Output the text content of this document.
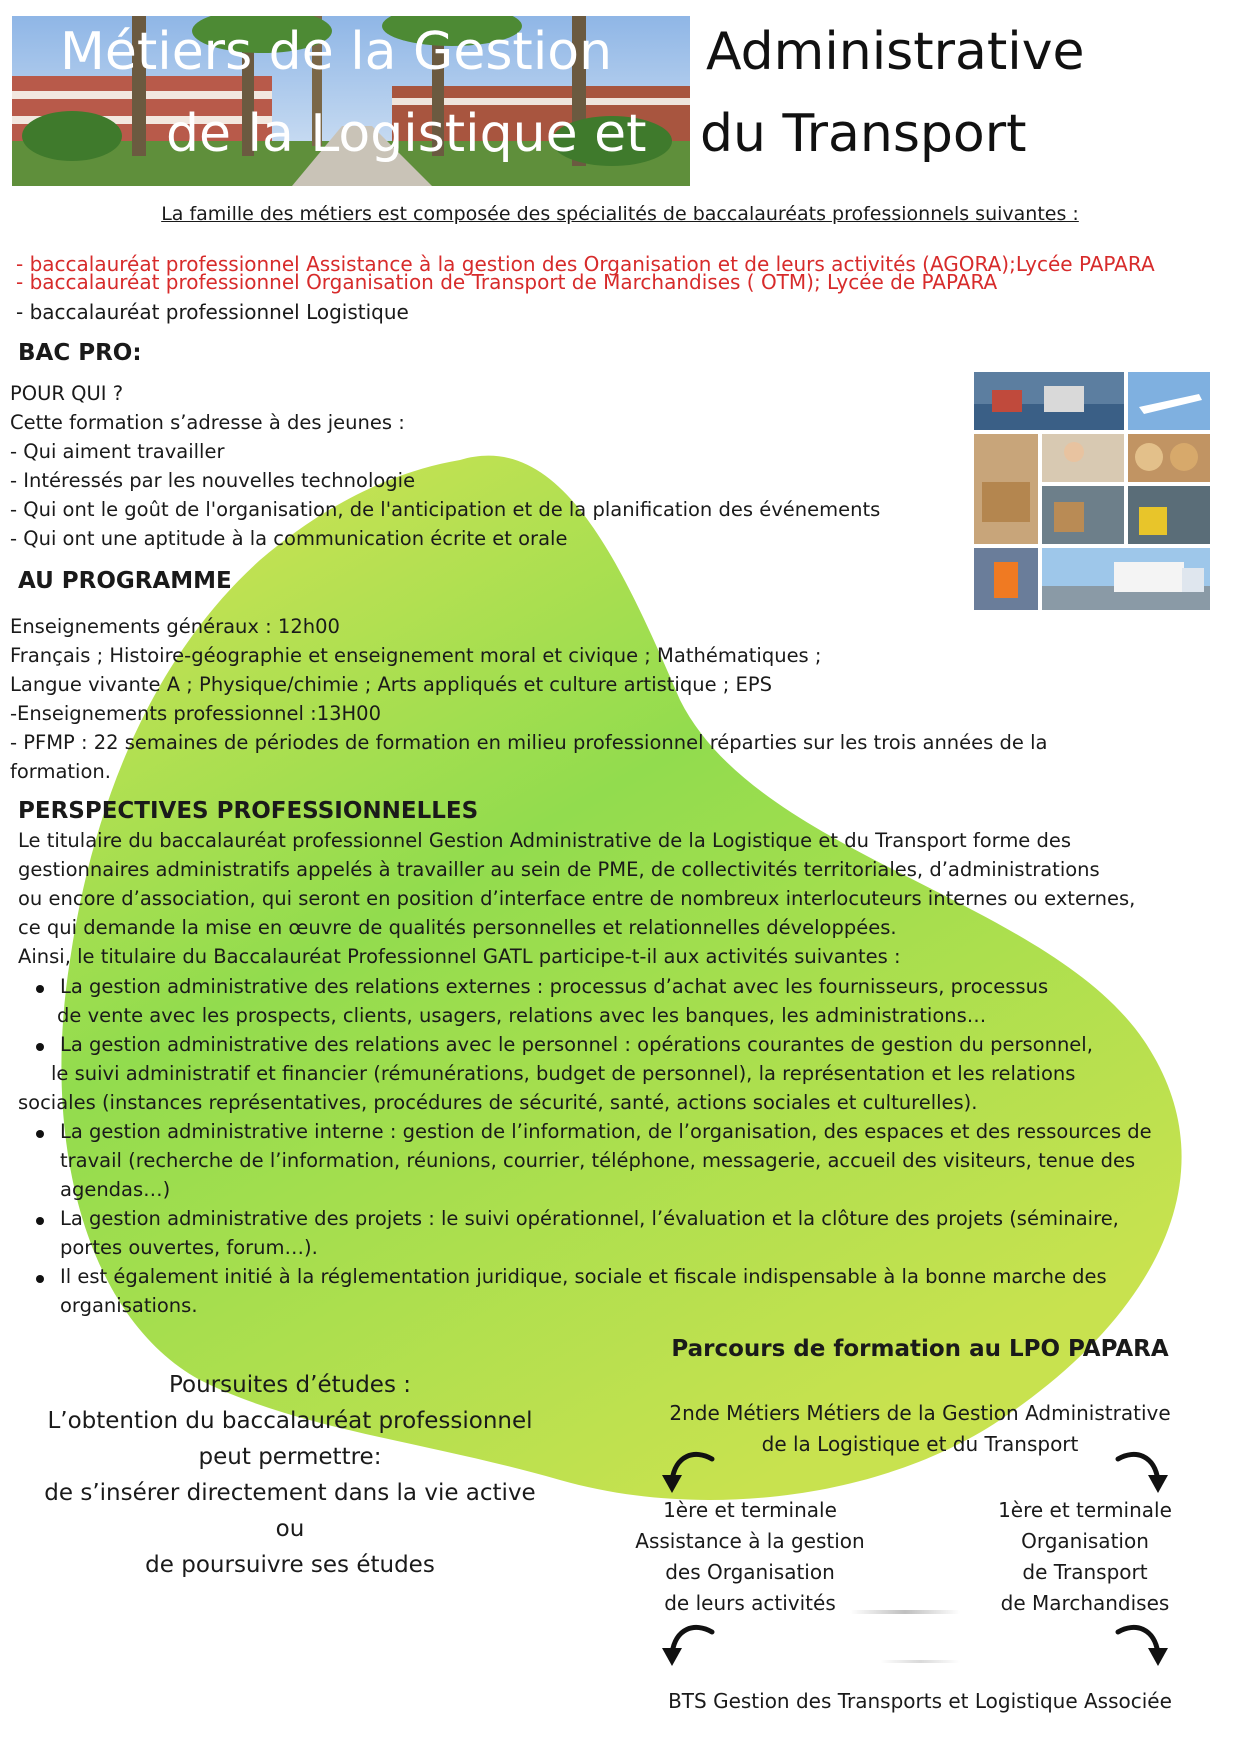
Métiers de la Gestion Administrative
de la Logistique et du Transport
La famille des métiers est composée des spécialités de baccalauréats professionnels suivantes :
- baccalauréat professionnel Assistance à la gestion des Organisation et de leurs activités (AGORA);Lycée PAPARA
- baccalauréat professionnel Organisation de Transport de Marchandises ( OTM); Lycée de PAPARA
- baccalauréat professionnel Logistique
BAC PRO:

POUR QUI ?

Cette formation s’adresse à des jeunes :

- Qui aiment travailler

- Intéressés par les nouvelles technologie

- Qui ont le goût de l'organisation, de l'anticipation et de la planification des événements

- Qui ont une aptitude à la communication écrite et orale

AU PROGRAMME

Enseignements généraux : 12h00

Français ; Histoire-géographie et enseignement moral et civique ; Mathématiques ;

Langue vivante A ; Physique/chimie ; Arts appliqués et culture artistique ; EPS

-Enseignements professionnel :13H00

- PFMP : 22 semaines de périodes de formation en milieu professionnel réparties sur les trois années de la

formation.

PERSPECTIVES PROFESSIONNELLES

Le titulaire du baccalauréat professionnel Gestion Administrative de la Logistique et du Transport forme des

gestionnaires administratifs appelés à travailler au sein de PME, de collectivités territoriales, d’administrations

ou encore d’association, qui seront en position d’interface entre de nombreux interlocuteurs internes ou externes,

ce qui demande la mise en œuvre de qualités personnelles et relationnelles développées.

Ainsi, le titulaire du Baccalauréat Professionnel GATL participe-t-il aux activités suivantes :

La gestion administrative des relations externes : processus d’achat avec les fournisseurs, processus
de vente avec les prospects, clients, usagers, relations avec les banques, les administrations…
La gestion administrative des relations avec le personnel : opérations courantes de gestion du personnel,
le suivi administratif et financier (rémunérations, budget de personnel), la représentation et les relations
sociales (instances représentatives, procédures de sécurité, santé, actions sociales et culturelles).
La gestion administrative interne : gestion de l’information, de l’organisation, des espaces et des ressources de
travail (recherche de l’information, réunions, courrier, téléphone, messagerie, accueil des visiteurs, tenue des
agendas…)
La gestion administrative des projets : le suivi opérationnel, l’évaluation et la clôture des projets (séminaire,
portes ouvertes, forum…).
Il est également initié à la réglementation juridique, sociale et fiscale indispensable à la bonne marche des
organisations.
Poursuites d’études :
L’obtention du baccalauréat professionnel
peut permettre:
de s’insérer directement dans la vie active
ou
de poursuivre ses études
Parcours de formation au LPO PAPARA
2nde Métiers Métiers de la Gestion Administrative
de la Logistique et du Transport
1ère et terminale
Assistance à la gestion
des Organisation
de leurs activités
1ère et terminale
Organisation
de Transport
de Marchandises
BTS Gestion des Transports et Logistique Associée
